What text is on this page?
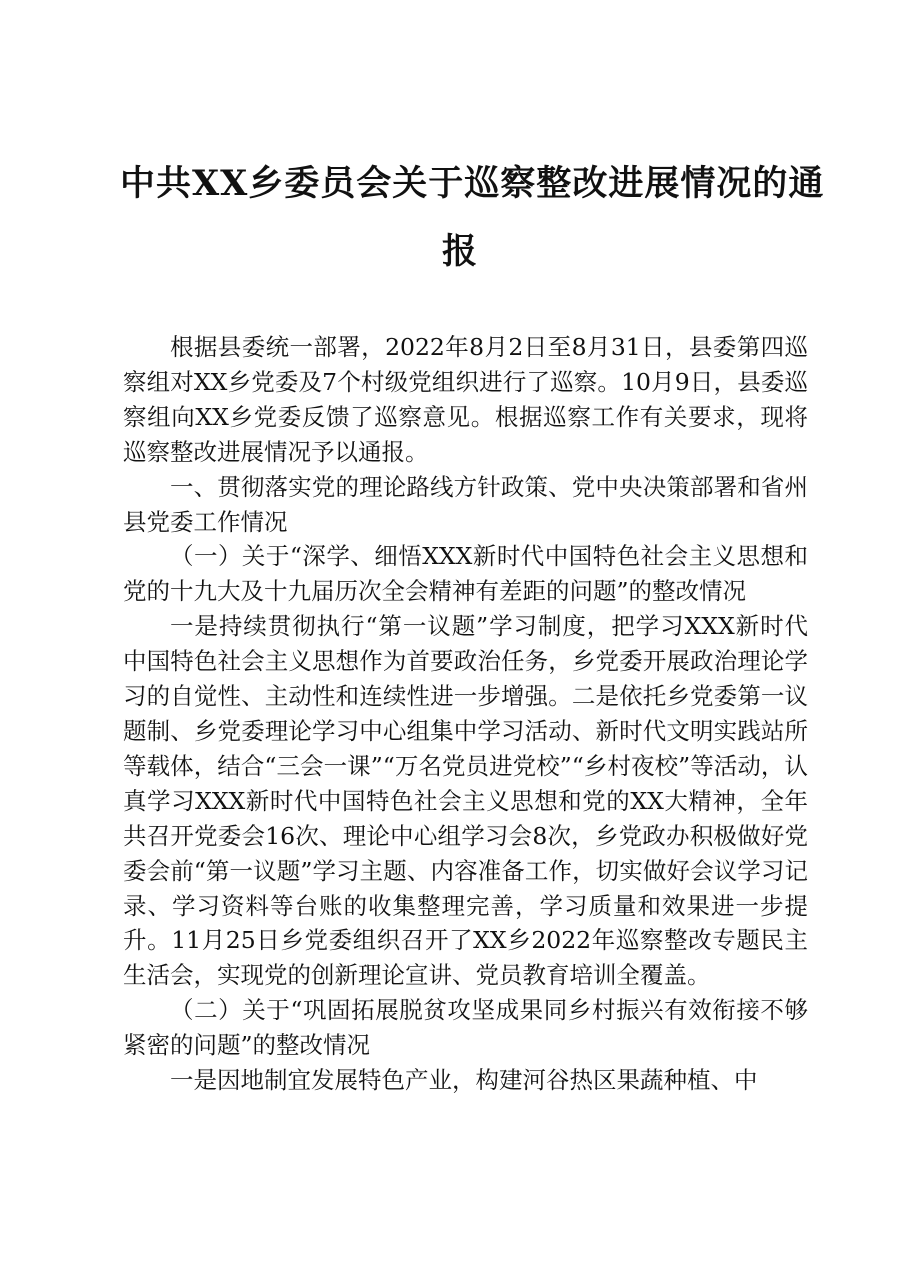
中共XX乡委员会关于巡察整改进展情况的通
报

根据县委统一部署，2022年8月2日至8月31日，县委第四巡察组对XX乡党委及7个村级党组织进行了巡察。10月9日，县委巡察组向XX乡党委反馈了巡察意见。根据巡察工作有关要求，现将巡察整改进展情况予以通报。

一、贯彻落实党的理论路线方针政策、党中央决策部署和省州县党委工作情况

（一）关于“深学、细悟XXX新时代中国特色社会主义思想和党的十九大及十九届历次全会精神有差距的问题”的整改情况

一是持续贯彻执行“第一议题”学习制度，把学习XXX新时代中国特色社会主义思想作为首要政治任务，乡党委开展政治理论学习的自觉性、主动性和连续性进一步增强。二是依托乡党委第一议题制、乡党委理论学习中心组集中学习活动、新时代文明实践站所等载体，结合“三会一课”“万名党员进党校”“乡村夜校”等活动，认真学习XXX新时代中国特色社会主义思想和党的XX大精神，全年共召开党委会16次、理论中心组学习会8次，乡党政办积极做好党委会前“第一议题”学习主题、内容准备工作，切实做好会议学习记录、学习资料等台账的收集整理完善，学习质量和效果进一步提升。11月25日乡党委组织召开了XX乡2022年巡察整改专题民主生活会，实现党的创新理论宣讲、党员教育培训全覆盖。

（二）关于“巩固拓展脱贫攻坚成果同乡村振兴有效衔接不够紧密的问题”的整改情况

一是因地制宜发展特色产业，构建河谷热区果蔬种植、中
